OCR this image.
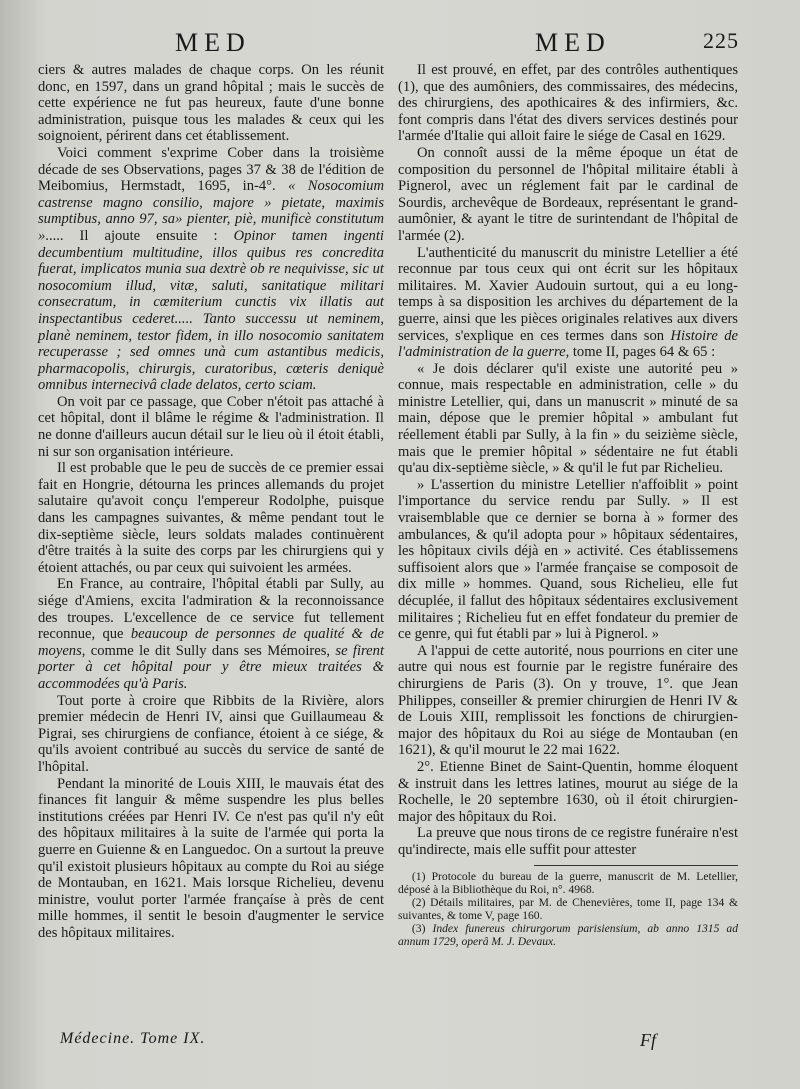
MED	MED	225

ciers & autres malades de chaque corps. On les réunit donc, en 1597, dans un grand hôpital ; mais le succès de cette expérience ne fut pas heureux, faute d'une bonne administration, puisque tous les malades & ceux qui les soignoient, périrent dans cet établissement.

Voici comment s'exprime Cober dans la troisième décade de ses Observations, pages 37 & 38 de l'édition de Meibomius, Hermstadt, 1695, in-4°. « Nosocomium castrense magno consilio, majore » pietate, maximis sumptibus, anno 97, sa» pienter, piè, munificè constitutum »..... Il ajoute ensuite : Opinor tamen ingenti decumbentium multitudine, illos quibus res concredita fuerat, implicatos munia sua dextrè ob re nequivisse, sic ut nosocomium illud, vitæ, saluti, sanitatique militari consecratum, in cœmiterium cunctis vix illatis aut inspectantibus cederet..... Tanto successu ut neminem, planè neminem, testor fidem, in illo nosocomio sanitatem recuperasse ; sed omnes unà cum astantibus medicis, pharmacopolis, chirurgis, curatoribus, cœteris deniquè omnibus internecivâ clade delatos, certo sciam.

On voit par ce passage, que Cober n'étoit pas attaché à cet hôpital, dont il blâme le régime & l'administration. Il ne donne d'ailleurs aucun détail sur le lieu où il étoit établi, ni sur son organisation intérieure.

Il est probable que le peu de succès de ce premier essai fait en Hongrie, détourna les princes allemands du projet salutaire qu'avoit conçu l'empereur Rodolphe, puisque dans les campagnes suivantes, & même pendant tout le dix-septième siècle, leurs soldats malades continuèrent d'être traités à la suite des corps par les chirurgiens qui y étoient attachés, ou par ceux qui suivoient les armées.

En France, au contraire, l'hôpital établi par Sully, au siége d'Amiens, excita l'admiration & la reconnoissance des troupes. L'excellence de ce service fut tellement reconnue, que beaucoup de personnes de qualité & de moyens, comme le dit Sully dans ses Mémoires, se firent porter à cet hôpital pour y être mieux traitées & accommodées qu'à Paris.

Tout porte à croire que Ribbits de la Rivière, alors premier médecin de Henri IV, ainsi que Guillaumeau & Pigrai, ses chirurgiens de confiance, étoient à ce siége, & qu'ils avoient contribué au succès du service de santé de l'hôpital.

Pendant la minorité de Louis XIII, le mauvais état des finances fit languir & même suspendre les plus belles institutions créées par Henri IV. Ce n'est pas qu'il n'y eût des hôpitaux militaires à la suite de l'armée qui porta la guerre en Guienne & en Languedoc. On a surtout la preuve qu'il existoit plusieurs hôpitaux au compte du Roi au siége de Montauban, en 1621. Mais lorsque Richelieu, devenu ministre, voulut porter l'armée françaíse à près de cent mille hommes, il sentit le besoin d'augmenter le service des hôpitaux militaires.

Il est prouvé, en effet, par des contrôles authentiques (1), que des aumôniers, des commissaires, des médecins, des chirurgiens, des apothicaires & des infirmiers, &c. font compris dans l'état des divers services destinés pour l'armée d'Italie qui alloit faire le siége de Casal en 1629.

On connoît aussi de la même époque un état de composition du personnel de l'hôpital militaire établi à Pignerol, avec un réglement fait par le cardinal de Sourdis, archevêque de Bordeaux, représentant le grand-aumônier, & ayant le titre de surintendant de l'hôpital de l'armée (2).

L'authenticité du manuscrit du ministre Letellier a été reconnue par tous ceux qui ont écrit sur les hôpitaux militaires. M. Xavier Audouin surtout, qui a eu long-temps à sa disposition les archives du département de la guerre, ainsi que les pièces originales relatives aux divers services, s'explique en ces termes dans son Histoire de l'administration de la guerre, tome II, pages 64 & 65 :

« Je dois déclarer qu'il existe une autorité peu » connue, mais respectable en administration, celle » du ministre Letellier, qui, dans un manuscrit » minuté de sa main, dépose que le premier hôpital » ambulant fut réellement établi par Sully, à la fin » du seizième siècle, mais que le premier hôpital » sédentaire ne fut établi qu'au dix-septième siècle, » & qu'il le fut par Richelieu.

» L'assertion du ministre Letellier n'affoiblit » point l'importance du service rendu par Sully. » Il est vraisemblable que ce dernier se borna à » former des ambulances, & qu'il adopta pour » hôpitaux sédentaires, les hôpitaux civils déjà en » activité. Ces établissemens suffisoient alors que » l'armée française se composoit de dix mille » hommes. Quand, sous Richelieu, elle fut décuplée, il fallut des hôpitaux sédentaires exclusivement militaires ; Richelieu fut en effet fondateur du premier de ce genre, qui fut établi par » lui à Pignerol. »

A l'appui de cette autorité, nous pourrions en citer une autre qui nous est fournie par le registre funéraire des chirurgiens de Paris (3). On y trouve, 1°. que Jean Philippes, conseiller & premier chirurgien de Henri IV & de Louis XIII, remplissoit les fonctions de chirurgien-major des hôpitaux du Roi au siége de Montauban (en 1621), & qu'il mourut le 22 mai 1622.

2°. Etienne Binet de Saint-Quentin, homme éloquent & instruit dans les lettres latines, mourut au siége de la Rochelle, le 20 septembre 1630, où il étoit chirurgien-major des hôpitaux du Roi.

La preuve que nous tirons de ce registre funéraire n'est qu'indirecte, mais elle suffit pour attester

(1) Protocole du bureau de la guerre, manuscrit de M. Letellier, déposé à la Bibliothèque du Roi, n°. 4968.

(2) Détails militaires, par M. de Chenevières, tome II, page 134 & suivantes, & tome V, page 160.

(3) Index funereus chirurgorum parisiensium, ab anno 1315 ad annum 1729, operâ M. J. Devaux.

Médecine. Tome IX.	Ff
